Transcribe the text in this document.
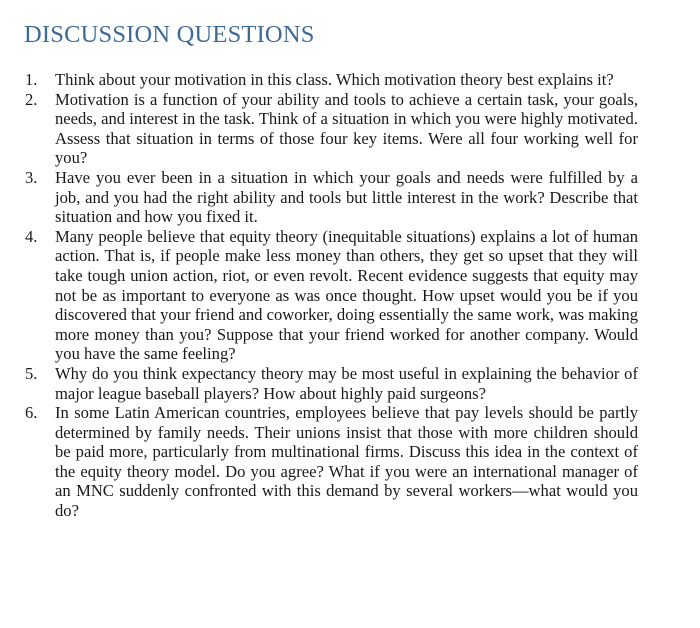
DISCUSSION QUESTIONS
1.	Think about your motivation in this class. Which motivation theory best explains it?
2.	Motivation is a function of your ability and tools to achieve a certain task, your goals, needs, and interest in the task. Think of a situation in which you were highly motivated. Assess that situation in terms of those four key items. Were all four working well for you?
3.	Have you ever been in a situation in which your goals and needs were fulfilled by a job, and you had the right ability and tools but little interest in the work? Describe that situation and how you fixed it.
4.	Many people believe that equity theory (inequitable situations) explains a lot of human action. That is, if people make less money than others, they get so upset that they will take tough union action, riot, or even revolt. Recent evidence suggests that equity may not be as important to everyone as was once thought. How upset would you be if you discovered that your friend and coworker, doing essentially the same work, was making more money than you? Suppose that your friend worked for another company. Would you have the same feeling?
5.	Why do you think expectancy theory may be most useful in explaining the behavior of major league baseball players? How about highly paid surgeons?
6.	In some Latin American countries, employees believe that pay levels should be partly determined by family needs. Their unions insist that those with more children should be paid more, particularly from multinational firms. Discuss this idea in the context of the equity theory model. Do you agree? What if you were an international manager of an MNC suddenly confronted with this demand by several workers—what would you do?
